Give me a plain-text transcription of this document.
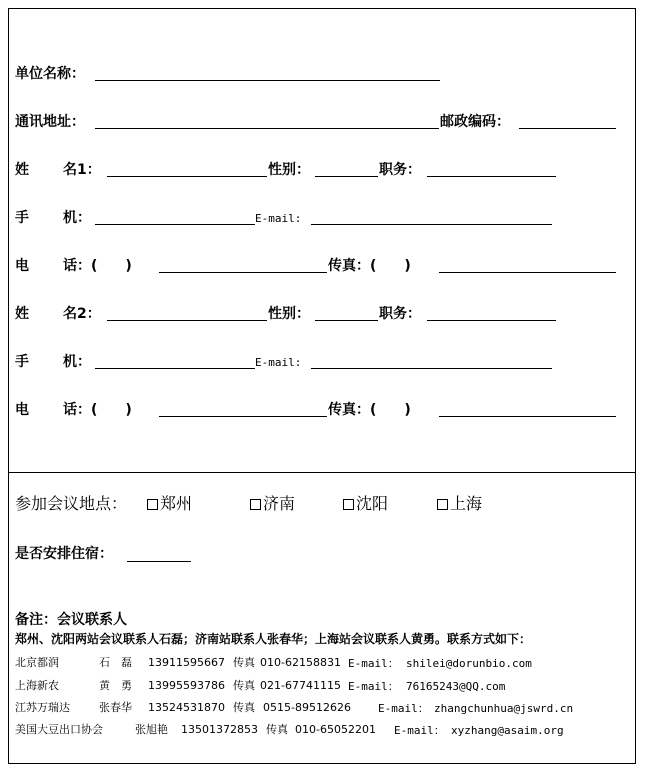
单位名称：
通讯地址：	邮政编码：
姓 名1：	性别：	职务：
手 机：	E-mail:
电 话：(　　)	传真：(　　)
姓 名2：	性别：	职务：
手 机：	E-mail:
电 话：(　　)	传真：(　　)
参加会议地点：	郑州	济南	沈阳	上海
是否安排住宿：
备注：会议联系人
郑州、沈阳两站会议联系人石磊；济南站联系人张春华；上海站会议联系人黄勇。联系方式如下：
北京都润	石　磊 13911595667 传真 010-62158831 E-mail： shilei@dorunbio.com
上海新农	黄　勇 13995593786 传真 021-67741115 E-mail： 76165243@QQ.com
江苏万瑞达	张春华 13524531870 传真 0515-89512626 E-mail： zhangchunhua@jswrd.cn
美国大豆出口协会	张旭艳 13501372853 传真 010-65052201 E-mail： xyzhang@asaim.org
